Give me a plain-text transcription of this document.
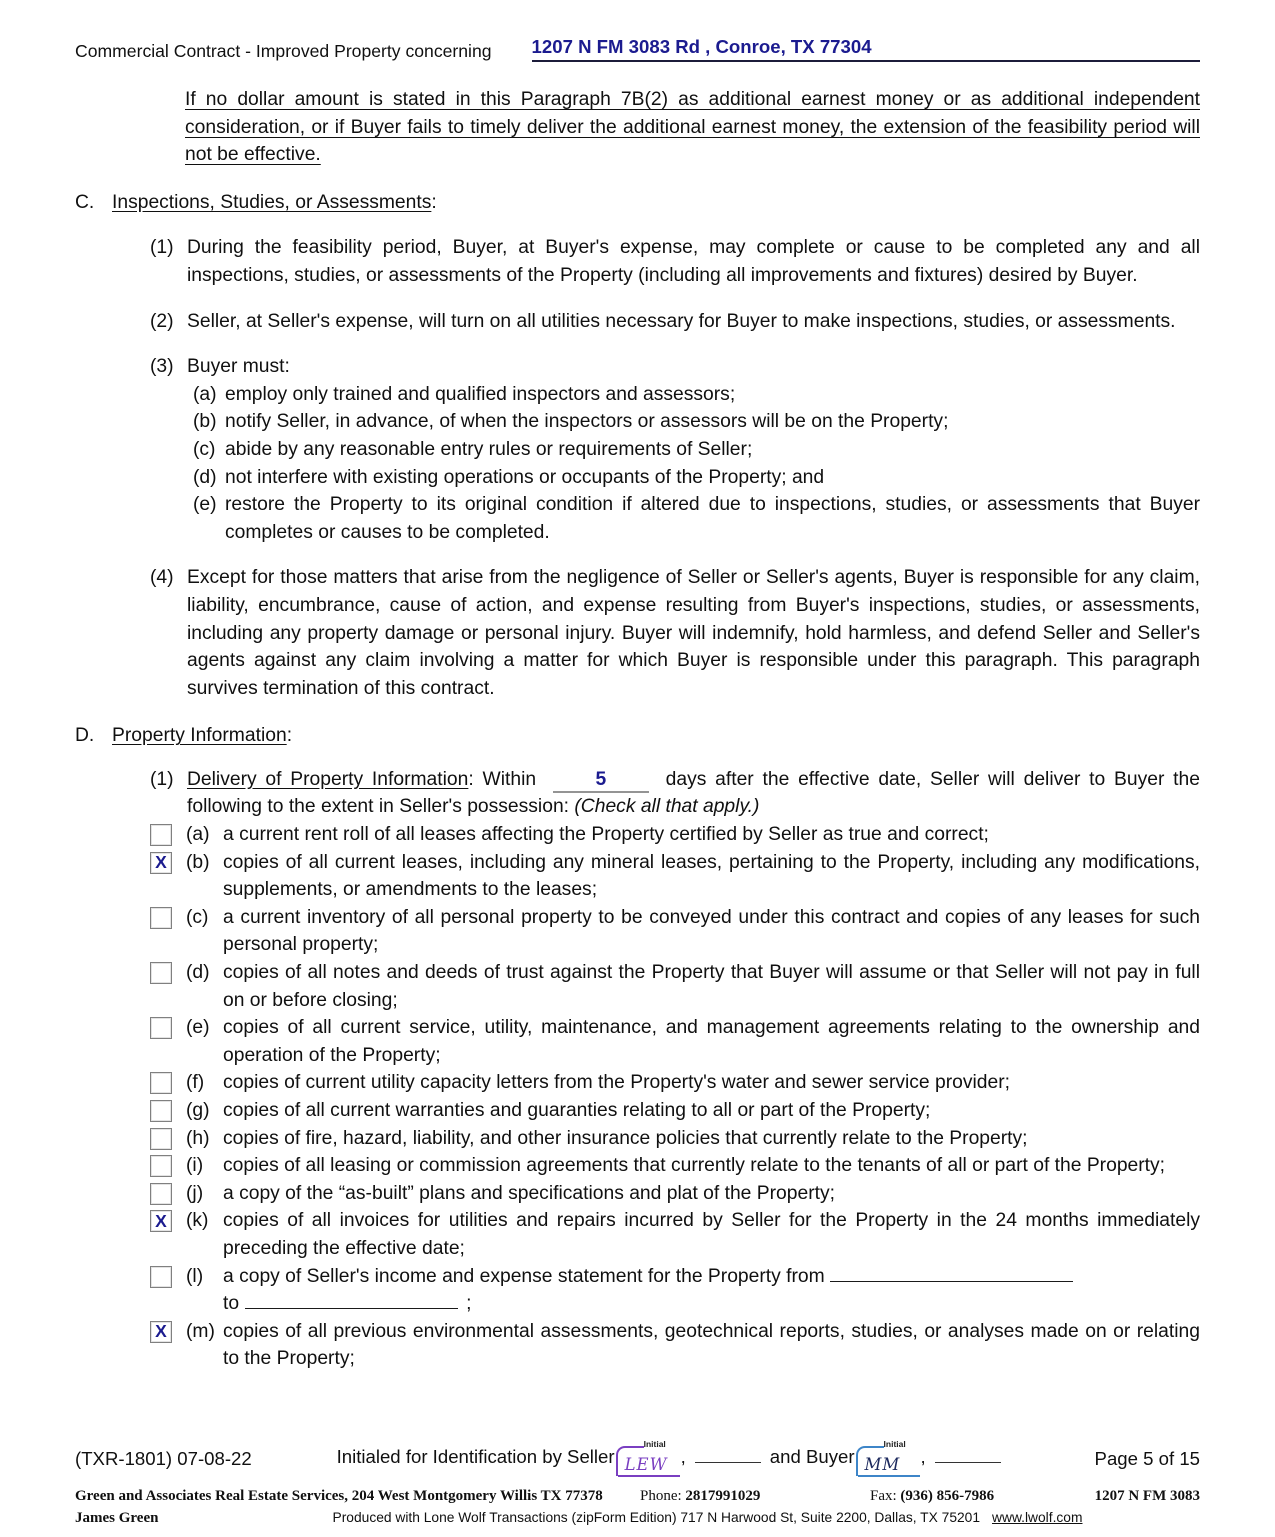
Commercial Contract - Improved Property concerning 1207 N FM 3083 Rd , Conroe, TX 77304

If no dollar amount is stated in this Paragraph 7B(2) as additional earnest money or as additional independent consideration, or if Buyer fails to timely deliver the additional earnest money, the extension of the feasibility period will not be effective.

C. Inspections, Studies, or Assessments:
(1) During the feasibility period, Buyer, at Buyer's expense, may complete or cause to be completed any and all inspections, studies, or assessments of the Property (including all improvements and fixtures) desired by Buyer.
(2) Seller, at Seller's expense, will turn on all utilities necessary for Buyer to make inspections, studies, or assessments.
(3) Buyer must:
(a) employ only trained and qualified inspectors and assessors;
(b) notify Seller, in advance, of when the inspectors or assessors will be on the Property;
(c) abide by any reasonable entry rules or requirements of Seller;
(d) not interfere with existing operations or occupants of the Property; and
(e) restore the Property to its original condition if altered due to inspections, studies, or assessments that Buyer completes or causes to be completed.
(4) Except for those matters that arise from the negligence of Seller or Seller's agents, Buyer is responsible for any claim, liability, encumbrance, cause of action, and expense resulting from Buyer's inspections, studies, or assessments, including any property damage or personal injury. Buyer will indemnify, hold harmless, and defend Seller and Seller's agents against any claim involving a matter for which Buyer is responsible under this paragraph. This paragraph survives termination of this contract.
D. Property Information:
(1) Delivery of Property Information: Within	5	days after the effective date, Seller will deliver to Buyer the following to the extent in Seller's possession: (Check all that apply.)
(a) a current rent roll of all leases affecting the Property certified by Seller as true and correct;
X (b) copies of all current leases, including any mineral leases, pertaining to the Property, including any modifications, supplements, or amendments to the leases;
(c) a current inventory of all personal property to be conveyed under this contract and copies of any leases for such personal property;
(d) copies of all notes and deeds of trust against the Property that Buyer will assume or that Seller will not pay in full on or before closing;
(e) copies of all current service, utility, maintenance, and management agreements relating to the ownership and operation of the Property;
(f) copies of current utility capacity letters from the Property's water and sewer service provider;
(g) copies of all current warranties and guaranties relating to all or part of the Property;
(h) copies of fire, hazard, liability, and other insurance policies that currently relate to the Property;
(i)	copies of all leasing or commission agreements that currently relate to the tenants of all or part of the Property;
(j)	a copy of the “as-built” plans and specifications and plat of the Property;
X (k) copies of all invoices for utilities and repairs incurred by Seller for the Property in the 24 months immediately preceding the effective date;
(l)	a copy of Seller's income and expense statement for the Property from
to	;
X (m) copies of all previous environmental assessments, geotechnical reports, studies, or analyses made on or relating to the Property;
(TXR-1801) 07-08-22	Initialed for Identification by Seller
Initial
LEW ,	and Buyer
Initial
MM ,	Page 5 of 15
Green and Associates Real Estate Services, 204 West Montgomery Willis TX 77378	Phone: 2817991029	Fax: (936) 856-7986	1207 N FM 3083
James Green	Produced with Lone Wolf Transactions (zipForm Edition) 717 N Harwood St, Suite 2200, Dallas, TX 75201 www.lwolf.com
